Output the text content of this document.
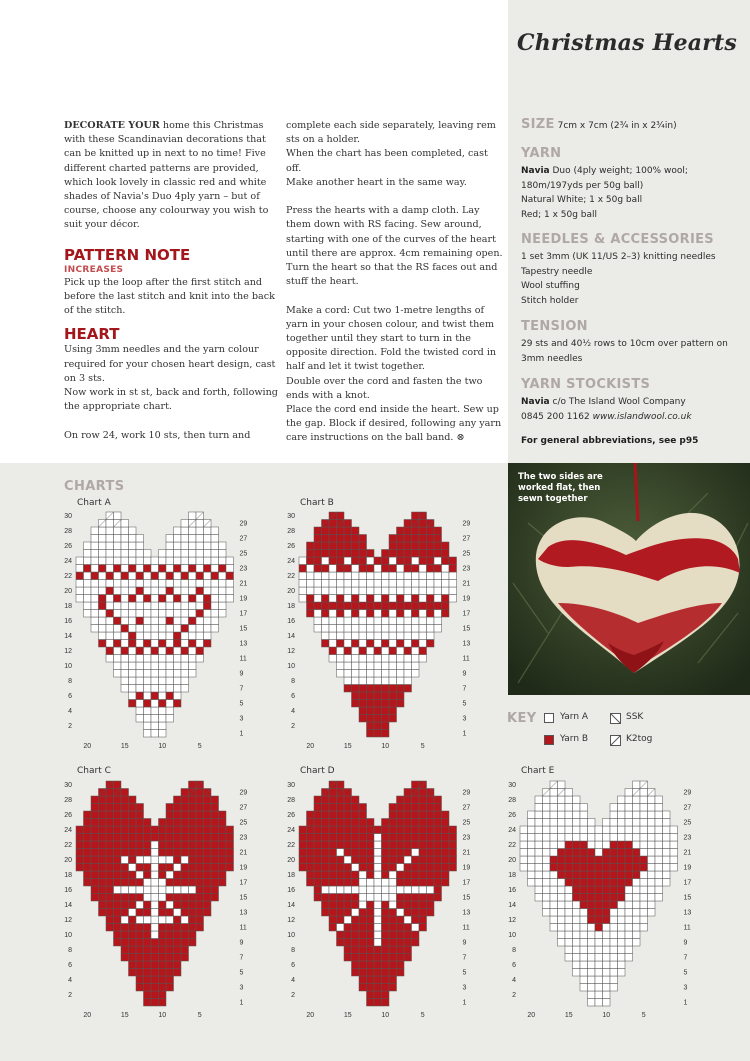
Christmas Hearts

DECORATE YOUR home this Christmas with these Scandinavian decorations that can be knitted up in next to no time! Five different charted patterns are provided, which look lovely in classic red and white shades of Navia's Duo 4ply yarn – but of course, choose any colourway you wish to suit your décor.

PATTERN NOTE
INCREASES

Pick up the loop after the first stitch and before the last stitch and knit into the back of the stitch.

HEART

Using 3mm needles and the yarn colour required for your chosen heart design, cast on 3 sts.

Now work in st st, back and forth, following the appropriate chart.

On row 24, work 10 sts, then turn and

complete each side separately, leaving rem sts on a holder.

When the chart has been completed, cast off.

Make another heart in the same way.

Press the hearts with a damp cloth. Lay them down with RS facing. Sew around, starting with one of the curves of the heart until there are approx. 4cm remaining open. Turn the heart so that the RS faces out and stuff the heart.

Make a cord: Cut two 1-metre lengths of yarn in your chosen colour, and twist them together until they start to turn in the opposite direction. Fold the twisted cord in half and let it twist together.

Double over the cord and fasten the two ends with a knot.

Place the cord end inside the heart. Sew up the gap. Block if desired, following any yarn care instructions on the ball band. ⊗

SIZE 7cm x 7cm (2¾ in x 2¾in)
YARN
Navia Duo (4ply weight; 100% wool;
180m/197yds per 50g ball)
Natural White; 1 x 50g ball
Red; 1 x 50g ball
NEEDLES & ACCESSORIES
1 set 3mm (UK 11/US 2–3) knitting needles
Tapestry needle
Wool stuffing
Stitch holder
TENSION
29 sts and 40½ rows to 10cm over pattern on 3mm needles
YARN STOCKISTS
Navia c/o The Island Wool Company
0845 200 1162 www.islandwool.co.uk
For general abbreviations, see p95
CHARTS
Chart A	Chart B
Chart C	Chart D	Chart E
30
28
26
24
22
20
18
16
14
12
10
8
6
4
2
29
27
25
23
21
19
17
15
13
11
9
7
5
3
1
20	15	10	5
30
28
26
24
22
20
18
16
14
12
10
8
6
4
2
29
27
25
23
21
19
17
15
13
11
9
7
5
3
1
20	15	10	5
30
28
26
24
22
20
18
16
14
12
10
8
6
4
2
29
27
25
23
21
19
17
15
13
11
9
7
5
3
1
20	15	10	5
30
28
26
24
22
20
18
16
14
12
10
8
6
4
2
29
27
25
23
21
19
17
15
13
11
9
7
5
3
1
20	15	10	5
30
28
26
24
22
20
18
16
14
12
10
8
6
4
2
29
27
25
23
21
19
17
15
13
11
9
7
5
3
1
20	15	10	5
The two sides are worked flat, then sewn together
KEY	Yarn A
Yarn B
SSK
K2tog
